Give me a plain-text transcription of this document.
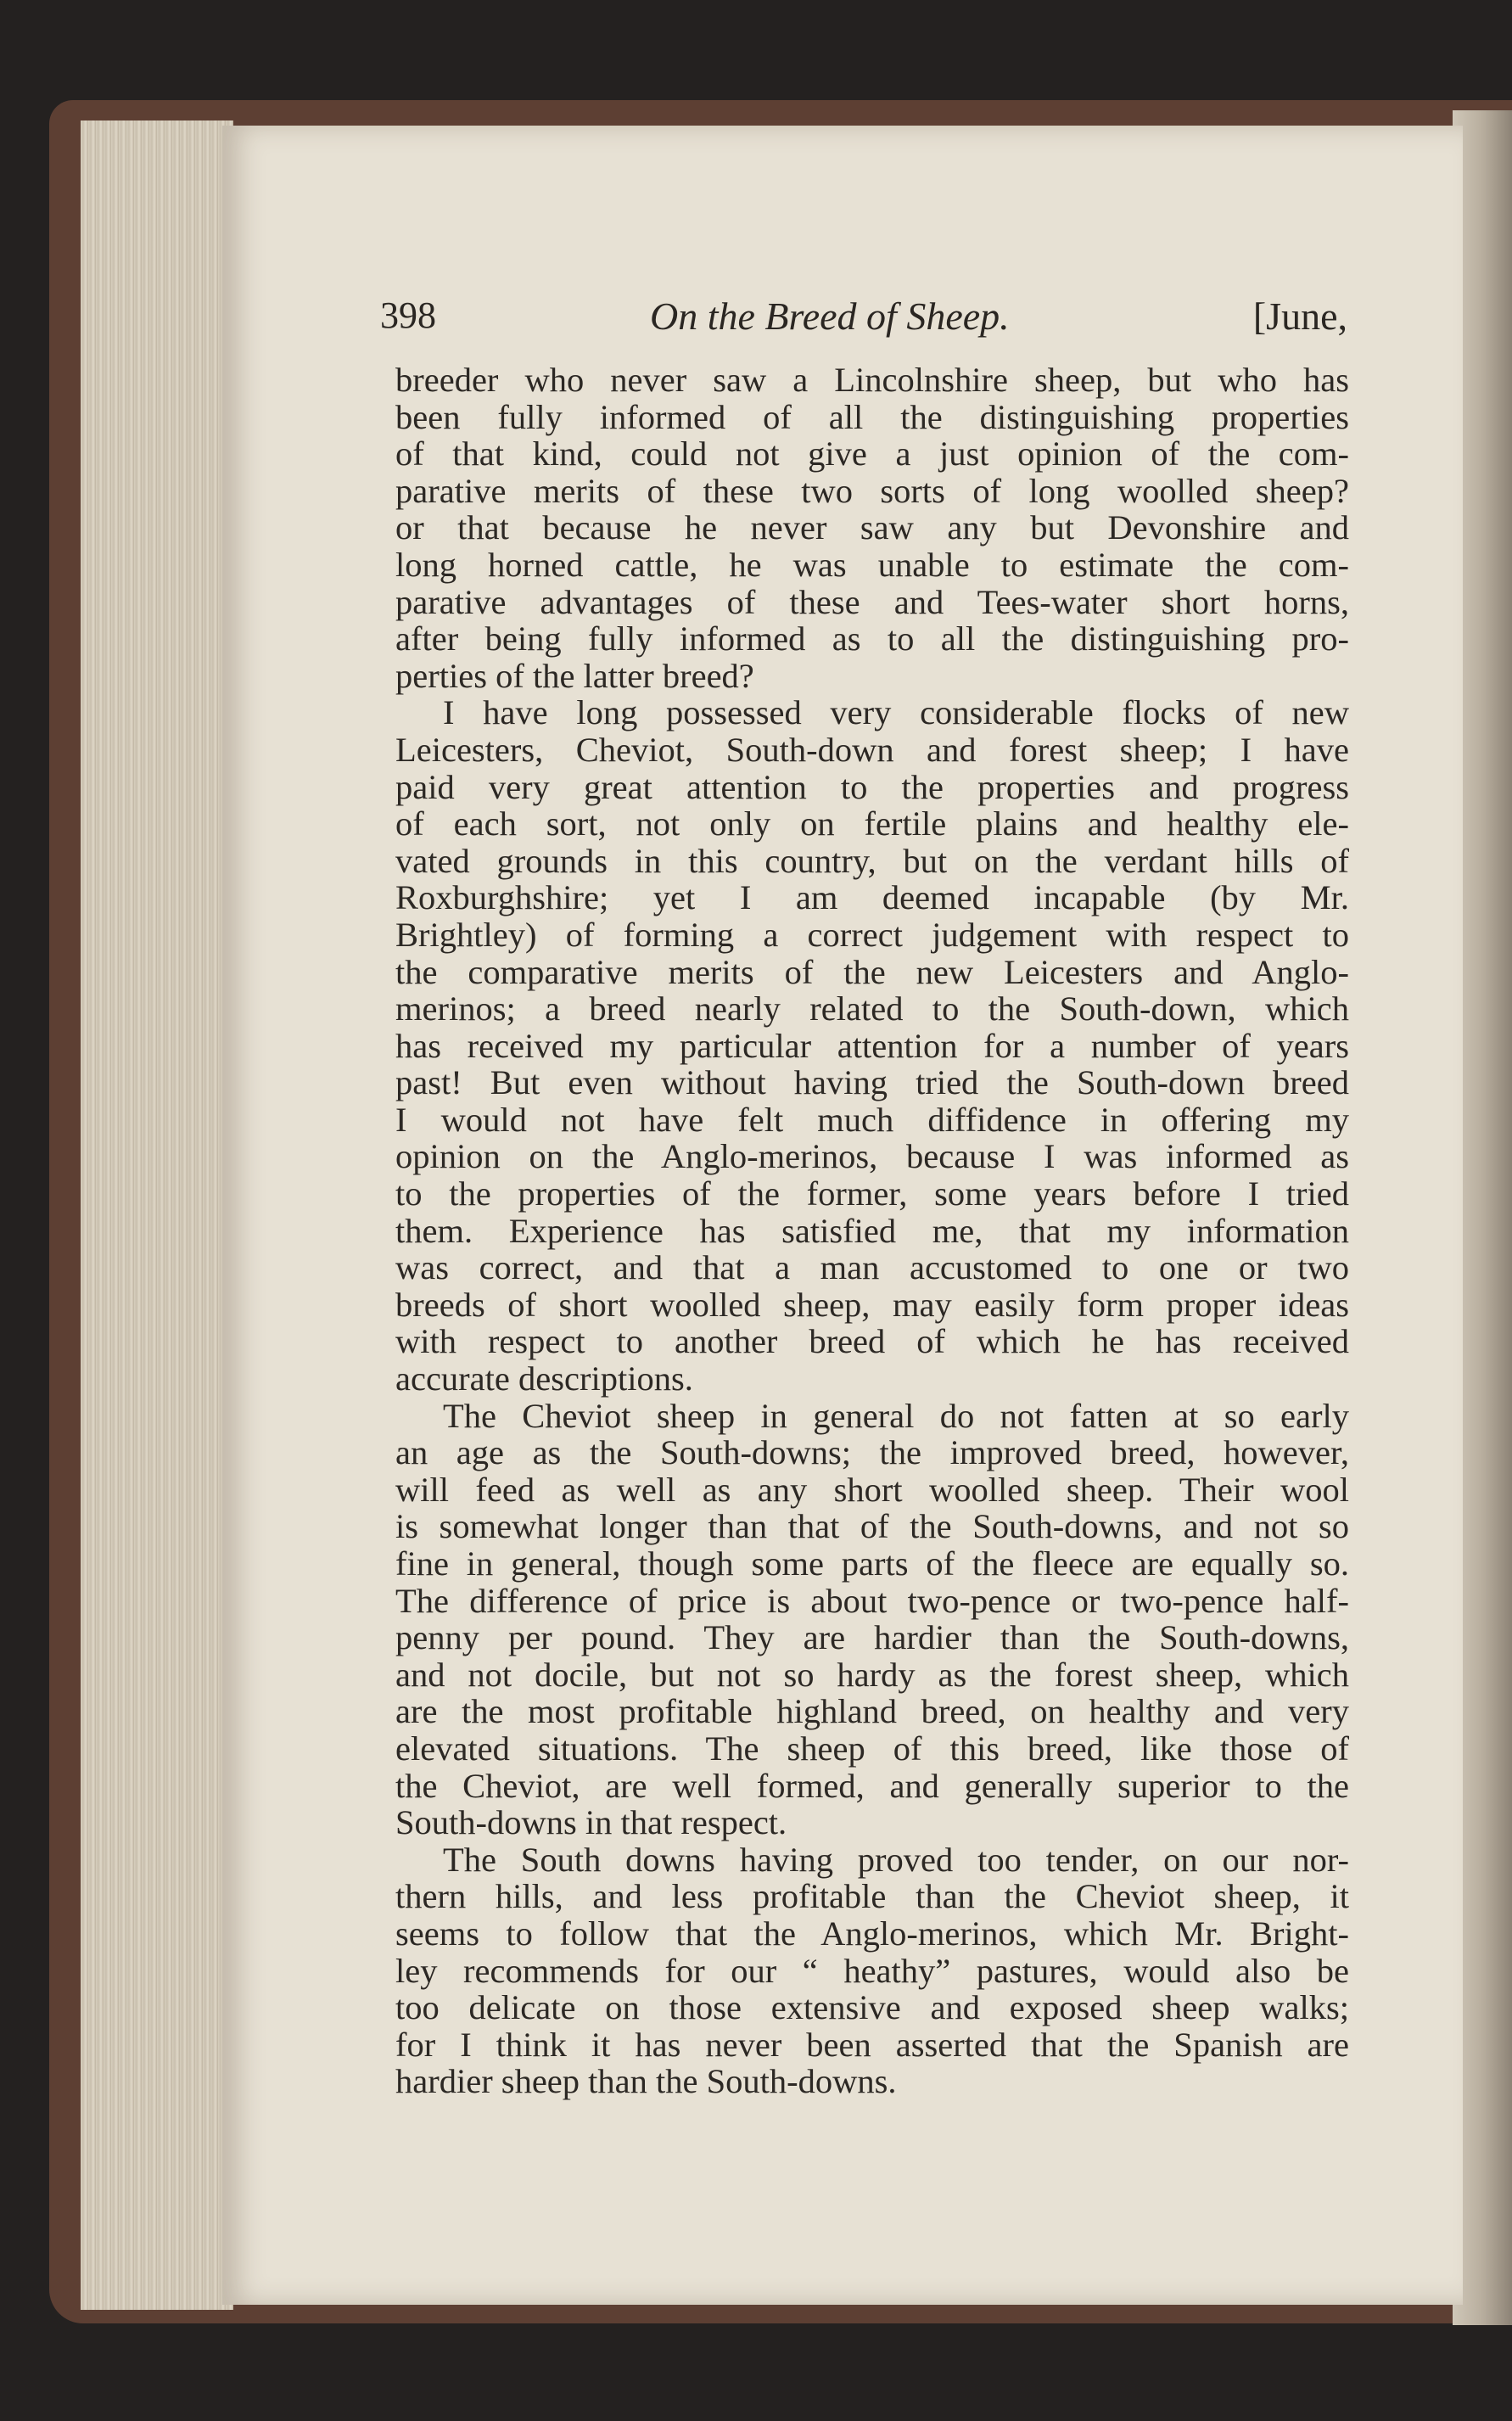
398	On the Breed of Sheep.	[June,
breeder who never saw a Lincolnshire sheep, but who has
been fully informed of all the distinguishing properties
of that kind, could not give a just opinion of the com-
parative merits of these two sorts of long woolled sheep?
or that because he never saw any but Devonshire and
long horned cattle, he was unable to estimate the com-
parative advantages of these and Tees-water short horns,
after being fully informed as to all the distinguishing pro-
perties of the latter breed?
I have long possessed very considerable flocks of new
Leicesters, Cheviot, South-down and forest sheep; I have
paid very great attention to the properties and progress
of each sort, not only on fertile plains and healthy ele-
vated grounds in this country, but on the verdant hills of
Roxburghshire; yet I am deemed incapable (by Mr.
Brightley) of forming a correct judgement with respect to
the comparative merits of the new Leicesters and Anglo-
merinos; a breed nearly related to the South-down, which
has received my particular attention for a number of years
past! But even without having tried the South-down breed
I would not have felt much diffidence in offering my
opinion on the Anglo-merinos, because I was informed as
to the properties of the former, some years before I tried
them. Experience has satisfied me, that my information
was correct, and that a man accustomed to one or two
breeds of short woolled sheep, may easily form proper ideas
with respect to another breed of which he has received
accurate descriptions.
The Cheviot sheep in general do not fatten at so early
an age as the South-downs; the improved breed, however,
will feed as well as any short woolled sheep. Their wool
is somewhat longer than that of the South-downs, and not so
fine in general, though some parts of the fleece are equally so.
The difference of price is about two-pence or two-pence half-
penny per pound. They are hardier than the South-downs,
and not docile, but not so hardy as the forest sheep, which
are the most profitable highland breed, on healthy and very
elevated situations. The sheep of this breed, like those of
the Cheviot, are well formed, and generally superior to the
South-downs in that respect.
The South downs having proved too tender, on our nor-
thern hills, and less profitable than the Cheviot sheep, it
seems to follow that the Anglo-merinos, which Mr. Bright-
ley recommends for our “ heathy” pastures, would also be
too delicate on those extensive and exposed sheep walks;
for I think it has never been asserted that the Spanish are
hardier sheep than the South-downs.
